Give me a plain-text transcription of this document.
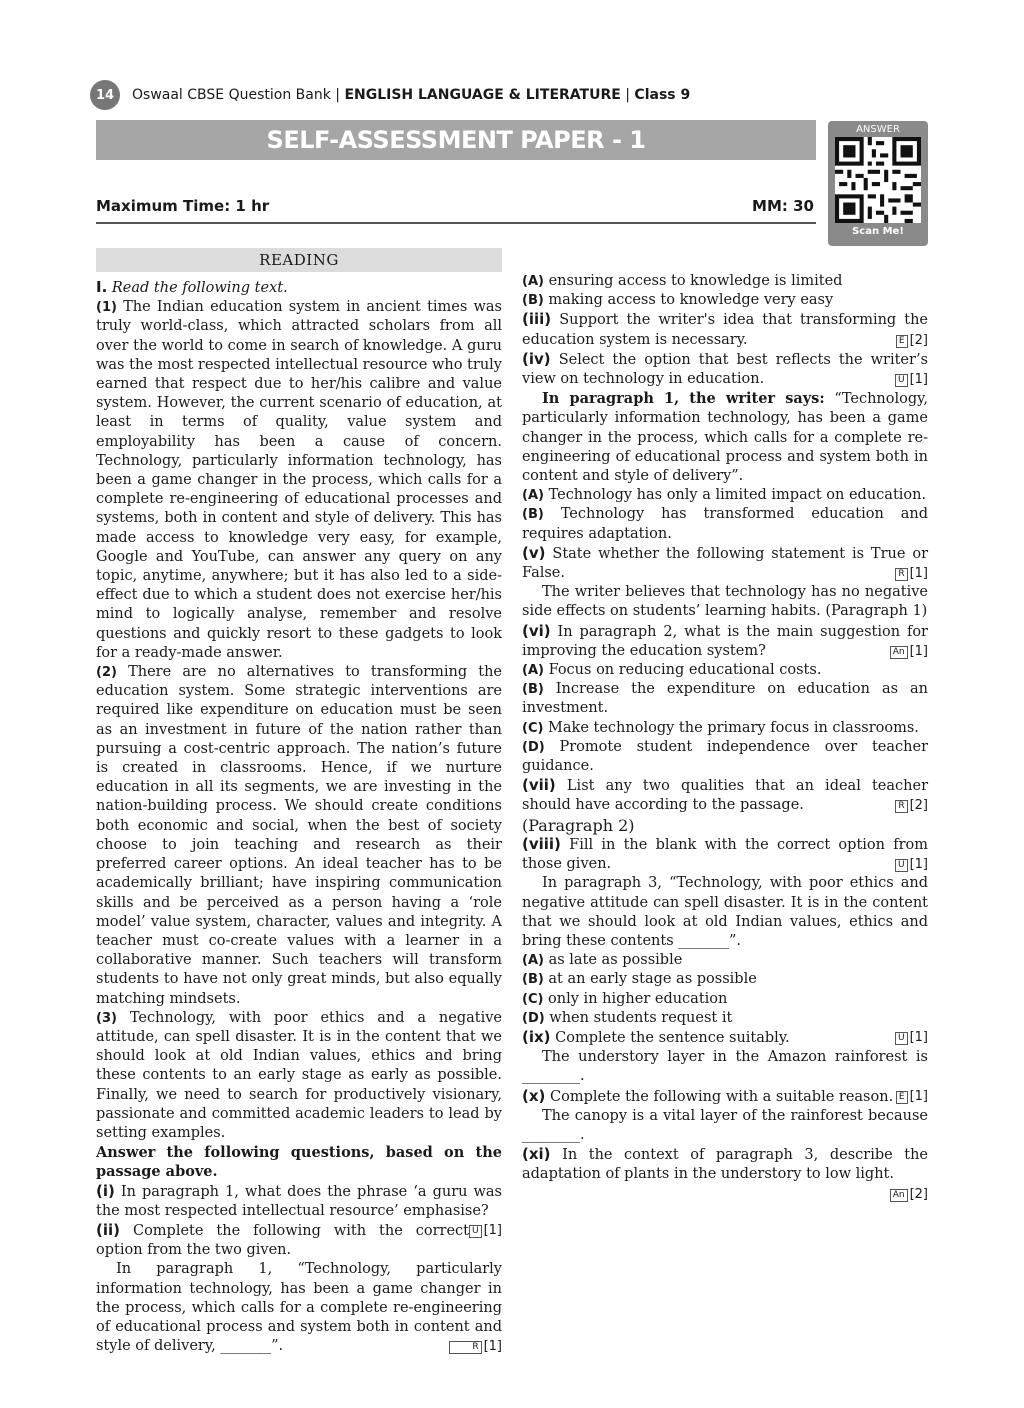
14	Oswaal CBSE Question Bank | ENGLISH LANGUAGE & LITERATURE | Class 9
SELF-ASSESSMENT PAPER - 1	ANSWER
Scan Me!
Maximum Time: 1 hr	MM: 30
READING

I. Read the following text.

(1) The Indian education system in ancient times was truly world-class, which attracted scholars from all over the world to come in search of knowledge. A guru was the most respected intellectual resource who truly earned that respect due to her/his calibre and value system. However, the current scenario of education, at least in terms of quality, value system and employability has been a cause of concern. Technology, particularly information technology, has been a game changer in the process, which calls for a complete re-engineering of educational processes and systems, both in content and style of delivery. This has made access to knowledge very easy, for example, Google and YouTube, can answer any query on any topic, anytime, anywhere; but it has also led to a side-effect due to which a student does not exercise her/his mind to logically analyse, remember and resolve questions and quickly resort to these gadgets to look for a ready-made answer.

(2) There are no alternatives to transforming the education system. Some strategic interventions are required like expenditure on education must be seen as an investment in future of the nation rather than pursuing a cost-centric approach. The nation’s future is created in classrooms. Hence, if we nurture education in all its segments, we are investing in the nation-building process. We should create conditions both economic and social, when the best of society choose to join teaching and research as their preferred career options. An ideal teacher has to be academically brilliant; have inspiring communication skills and be perceived as a person having a ‘role model’ value system, character, values and integrity. A teacher must co-create values with a learner in a collaborative manner. Such teachers will transform students to have not only great minds, but also equally matching mindsets.

(3) Technology, with poor ethics and a negative attitude, can spell disaster. It is in the content that we should look at old Indian values, ethics and bring these contents to an early stage as early as possible. Finally, we need to search for productively visionary, passionate and committed academic leaders to lead by setting examples.

Answer the following questions, based on the passage above.

(i) In paragraph 1, what does the phrase ‘a guru was the most respected intellectual resource’ emphasise?
U [1]

(ii) Complete the following with the correct option from the two given.

In paragraph 1, “Technology, particularly information technology, has been a game changer in the process, which calls for a complete re-engineering of educational process and system both in content and style of delivery, _______”.	R [1]

(A) ensuring access to knowledge is limited

(B) making access to knowledge very easy

(iii) Support the writer's idea that transforming the education system is necessary.	E [2]

(iv) Select the option that best reflects the writer’s view on technology in education.	U [1]

In paragraph 1, the writer says: “Technology, particularly information technology, has been a game changer in the process, which calls for a complete re-engineering of educational process and system both in content and style of delivery”.

(A) Technology has only a limited impact on education.

(B) Technology has transformed education and requires adaptation.

(v) State whether the following statement is True or False.	R [1]

The writer believes that technology has no negative side effects on students’ learning habits. (Paragraph 1)

(vi) In paragraph 2, what is the main suggestion for improving the education system?	An [1]

(A) Focus on reducing educational costs.

(B) Increase the expenditure on education as an investment.

(C) Make technology the primary focus in classrooms.

(D) Promote student independence over teacher guidance.

(vii) List any two qualities that an ideal teacher should have according to the passage.	R [2]

(Paragraph 2)

(viii) Fill in the blank with the correct option from those given.	U [1]

In paragraph 3, “Technology, with poor ethics and negative attitude can spell disaster. It is in the content that we should look at old Indian values, ethics and bring these contents _______”.

(A) as late as possible

(B) at an early stage as possible

(C) only in higher education

(D) when students request it

(ix) Complete the sentence suitably.	U [1]

The understory layer in the Amazon rainforest is ________.

(x) Complete the following with a suitable reason. E [1]

The canopy is a vital layer of the rainforest because ________.

(xi) In the context of paragraph 3, describe the adaptation of plants in the understory to low light.
An [2]
